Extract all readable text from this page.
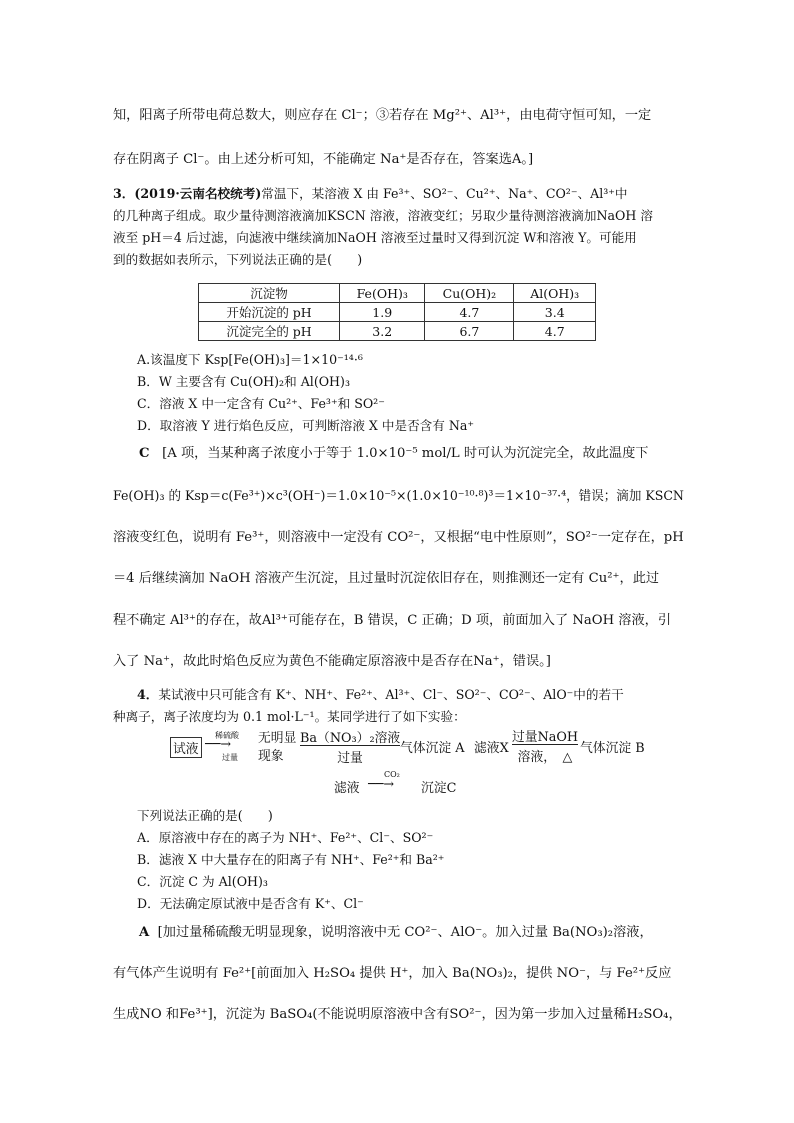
知，阳离子所带电荷总数大，则应存在 Cl⁻；③若存在 Mg²⁺、Al³⁺，由电荷守恒可知，一定
存在阴离子 Cl⁻。由上述分析可知，不能确定 Na⁺是否存在，答案选A。]
3．(2019·云南名校统考)常温下，某溶液 X 由 Fe³⁺、SO²⁻、Cu²⁺、Na⁺、CO²⁻、Al³⁺中
的几种离子组成。取少量待测溶液滴加KSCN 溶液，溶液变红；另取少量待测溶液滴加NaOH 溶
液至 pH＝4 后过滤，向滤液中继续滴加NaOH 溶液至过量时又得到沉淀 W和溶液 Y。可能用
到的数据如表所示，下列说法正确的是(　　)
沉淀物	Fe(OH)₃	Cu(OH)₂	Al(OH)₃
开始沉淀的 pH	1.9	4.7	3.4
沉淀完全的 pH	3.2	6.7	4.7
A.该温度下 Ksp[Fe(OH)₃]＝1×10⁻¹⁴·⁶
B．W 主要含有 Cu(OH)₂和 Al(OH)₃
C．溶液 X 中一定含有 Cu²⁺、Fe³⁺和 SO²⁻
D．取溶液 Y 进行焰色反应，可判断溶液 X 中是否含有 Na⁺
C [A 项，当某种离子浓度小于等于 1.0×10⁻⁵ mol/L 时可认为沉淀完全，故此温度下
Fe(OH)₃ 的 Ksp＝c(Fe³⁺)×c³(OH⁻)＝1.0×10⁻⁵×(1.0×10⁻¹⁰·⁸)³＝1×10⁻³⁷·⁴，错误；滴加 KSCN
溶液变红色，说明有 Fe³⁺，则溶液中一定没有 CO²⁻，又根据“电中性原则”，SO²⁻一定存在，pH
＝4 后继续滴加 NaOH 溶液产生沉淀，且过量时沉淀依旧存在，则推测还一定有 Cu²⁺，此过
程不确定 Al³⁺的存在，故Al³⁺可能存在，B 错误，C 正确；D 项，前面加入了 NaOH 溶液，引
入了 Na⁺，故此时焰色反应为黄色不能确定原溶液中是否存在Na⁺，错误。]
4．某试液中只可能含有 K⁺、NH⁺、Fe²⁺、Al³⁺、Cl⁻、SO²⁻、CO²⁻、AlO⁻中的若干
种离子，离子浓度均为 0.1 mol·L⁻¹。某同学进行了如下实验：
试液
稀硫酸
──→
过量
无明显
现象
Ba（NO₃）₂溶液
过量
气体沉淀 A 滤液X
过量NaOH
溶液，　△
气体沉淀 B
滤液
CO₂
──→ 沉淀C
下列说法正确的是(　　)
A．原溶液中存在的离子为 NH⁺、Fe²⁺、Cl⁻、SO²⁻
B．滤液 X 中大量存在的阳离子有 NH⁺、Fe²⁺和 Ba²⁺
C．沉淀 C 为 Al(OH)₃
D．无法确定原试液中是否含有 K⁺、Cl⁻
A [加过量稀硫酸无明显现象，说明溶液中无 CO²⁻、AlO⁻。加入过量 Ba(NO₃)₂溶液，
有气体产生说明有 Fe²⁺[前面加入 H₂SO₄ 提供 H⁺，加入 Ba(NO₃)₂，提供 NO⁻，与 Fe²⁺反应
生成NO 和Fe³⁺]，沉淀为 BaSO₄(不能说明原溶液中含有SO²⁻，因为第一步加入过量稀H₂SO₄，
